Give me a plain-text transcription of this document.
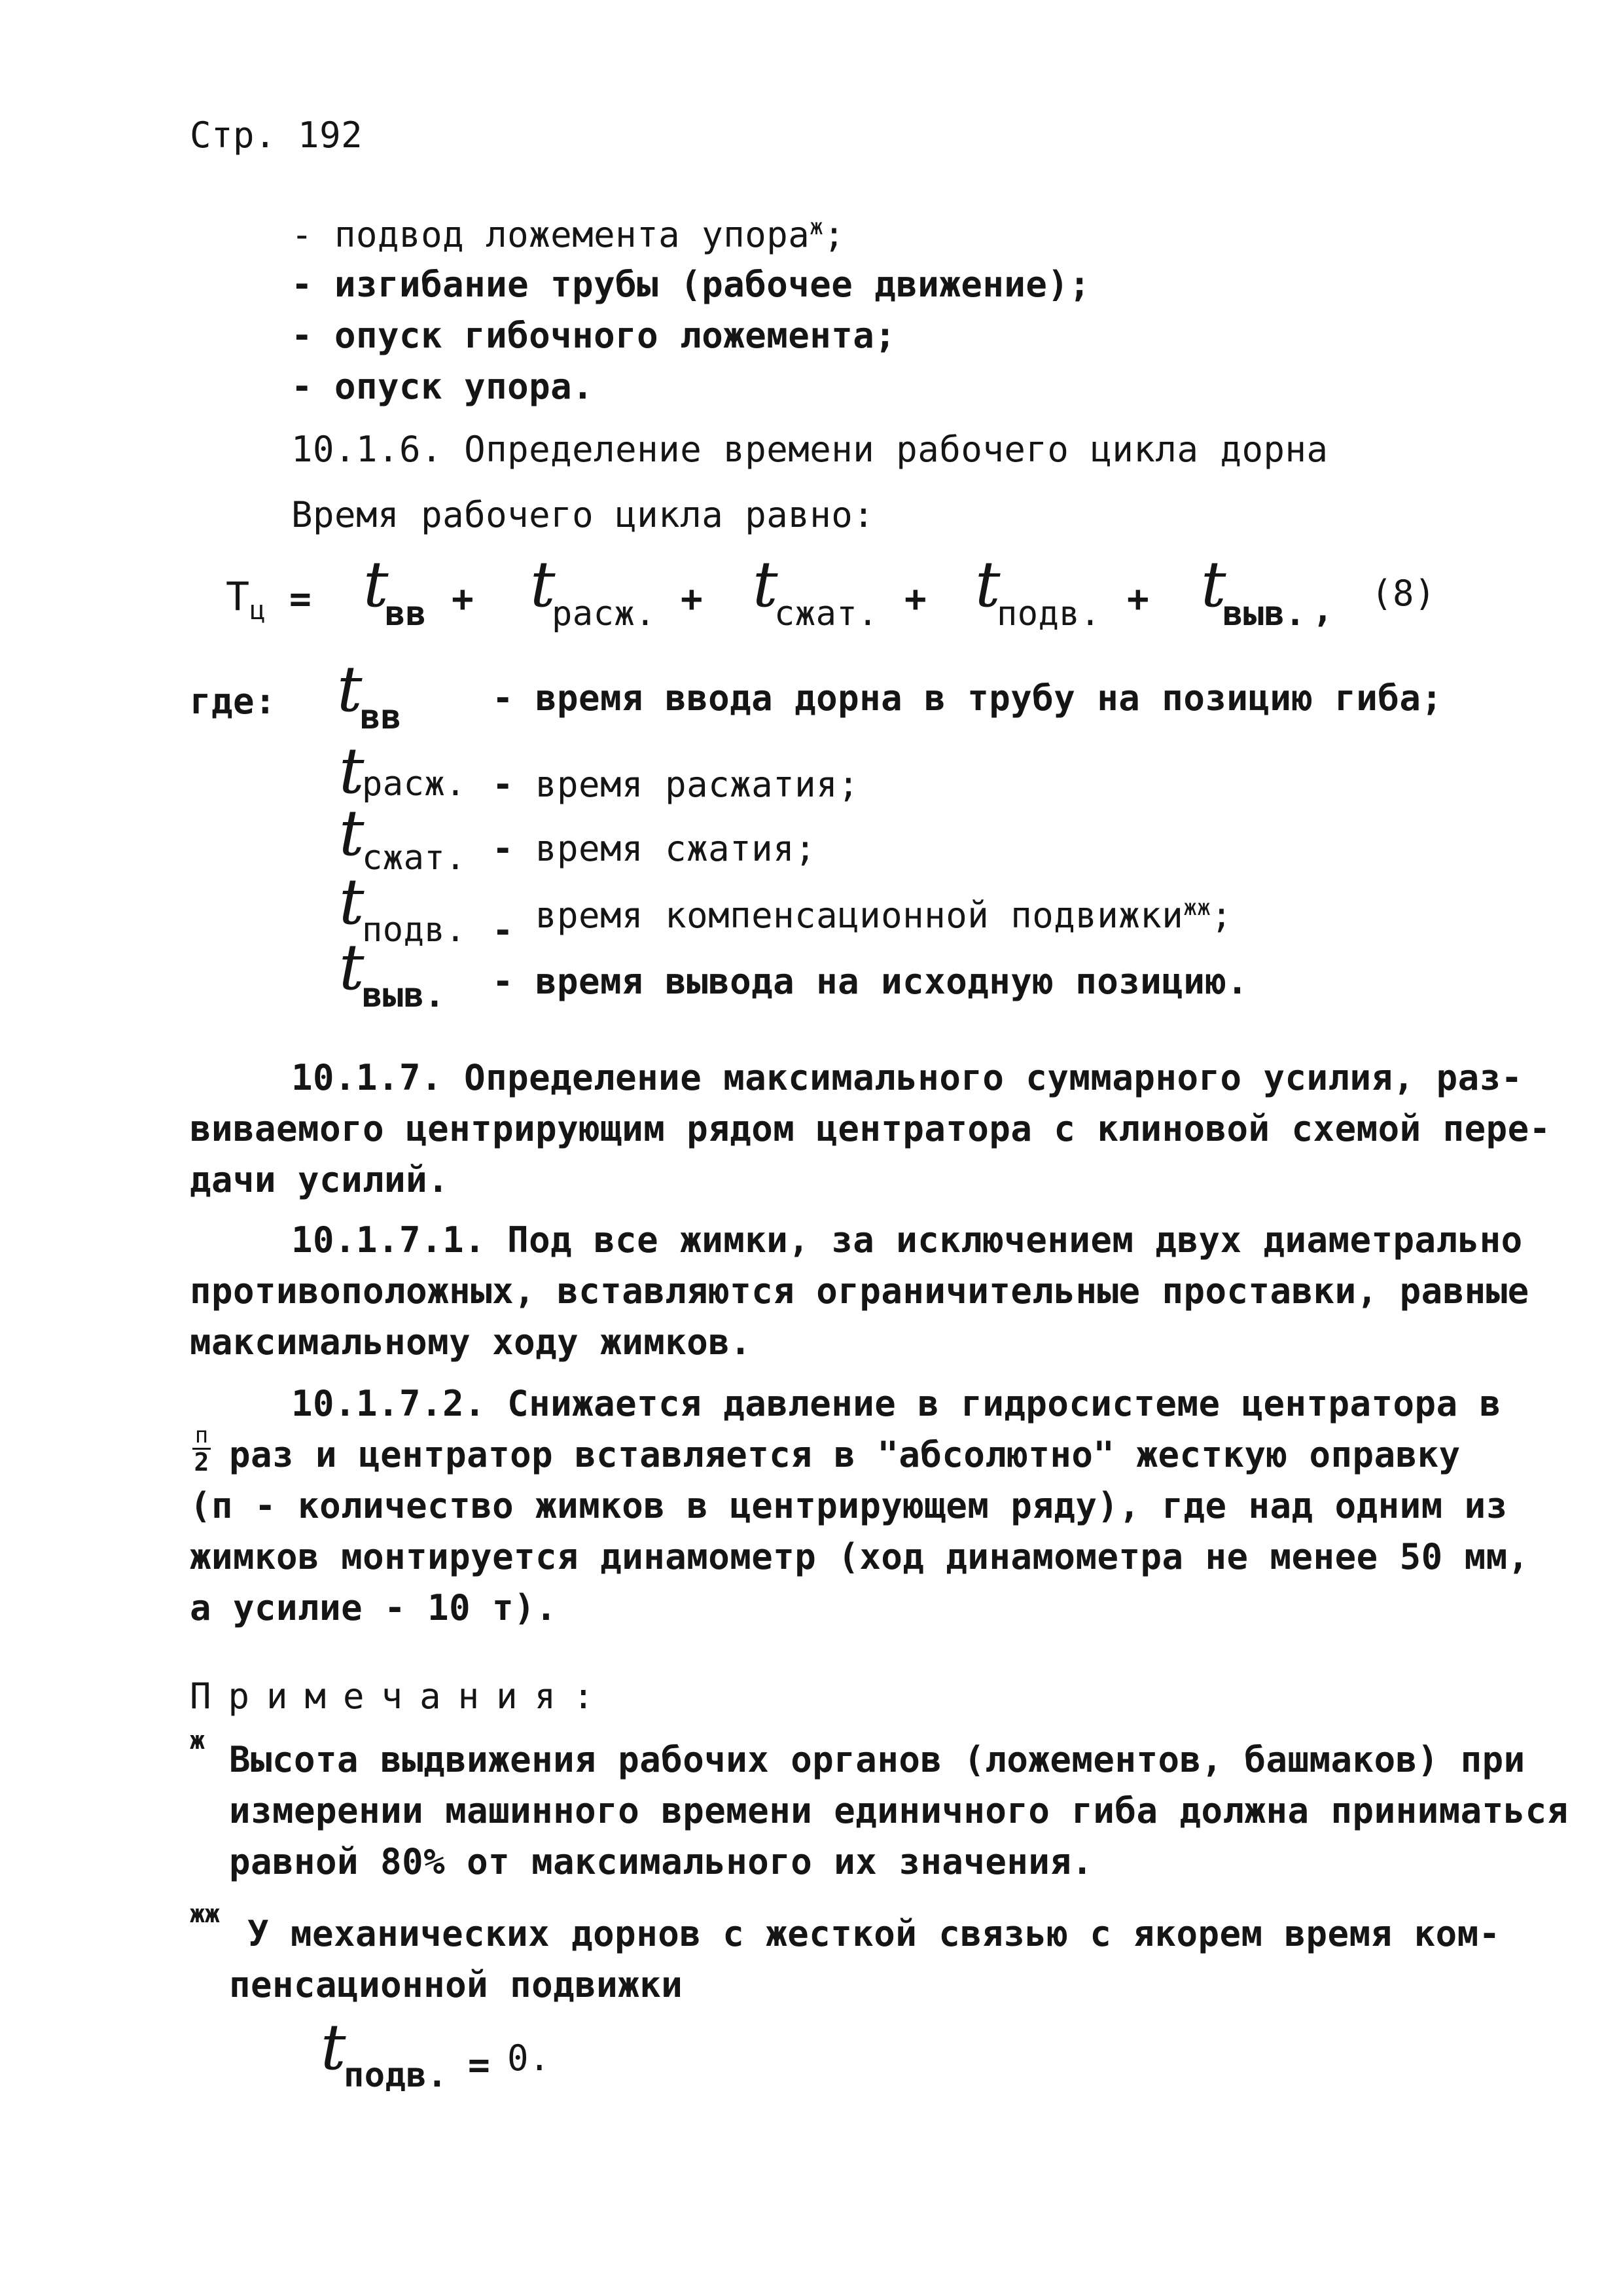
Стр. 192
- подвод ложемента упора$^ж$;
- изгибание трубы (рабочее движение);
- опуск гибочного ложемента;
- опуск упора.
10.1.6. Определение времени рабочего цикла дорна
Время рабочего цикла равно:
$Т_ц = t$
вв + t
расж. + t
сжат. + t
подв. + t
выв. , (8)
где: t
вв	- время ввода дорна в трубу на позицию гиба;
t
расж. - время расжатия;
t
сжат. - время сжатия;
t
подв. - время компенсационной подвижки$^{жж}$;
t
выв. - время вывода на исходную позицию.
10.1.7. Определение максимального суммарного усилия, раз-
виваемого центрирующим рядом центратора с клиновой схемой пере-
дачи усилий.
10.1.7.1. Под все жимки, за исключением двух диаметрально
противоположных, вставляются ограничительные проставки, равные
максимальному ходу жимков.
10.1.7.2. Снижается давление в гидросистеме центратора в
п
2 раз и центратор вставляется в "абсолютно" жесткую оправку
(п - количество жимков в центрирующем ряду), где над одним из
жимков монтируется динамометр (ход динамометра не менее 50 мм,
а усилие - 10 т).
Примечания:
ж Высота выдвижения рабочих органов (ложементов, башмаков) при
измерении машинного времени единичного гиба должна приниматься
равной 80% от максимального их значения.
жж У механических дорнов с жесткой связью с якорем время ком-
пенсационной подвижки
t
подв. = 0.
